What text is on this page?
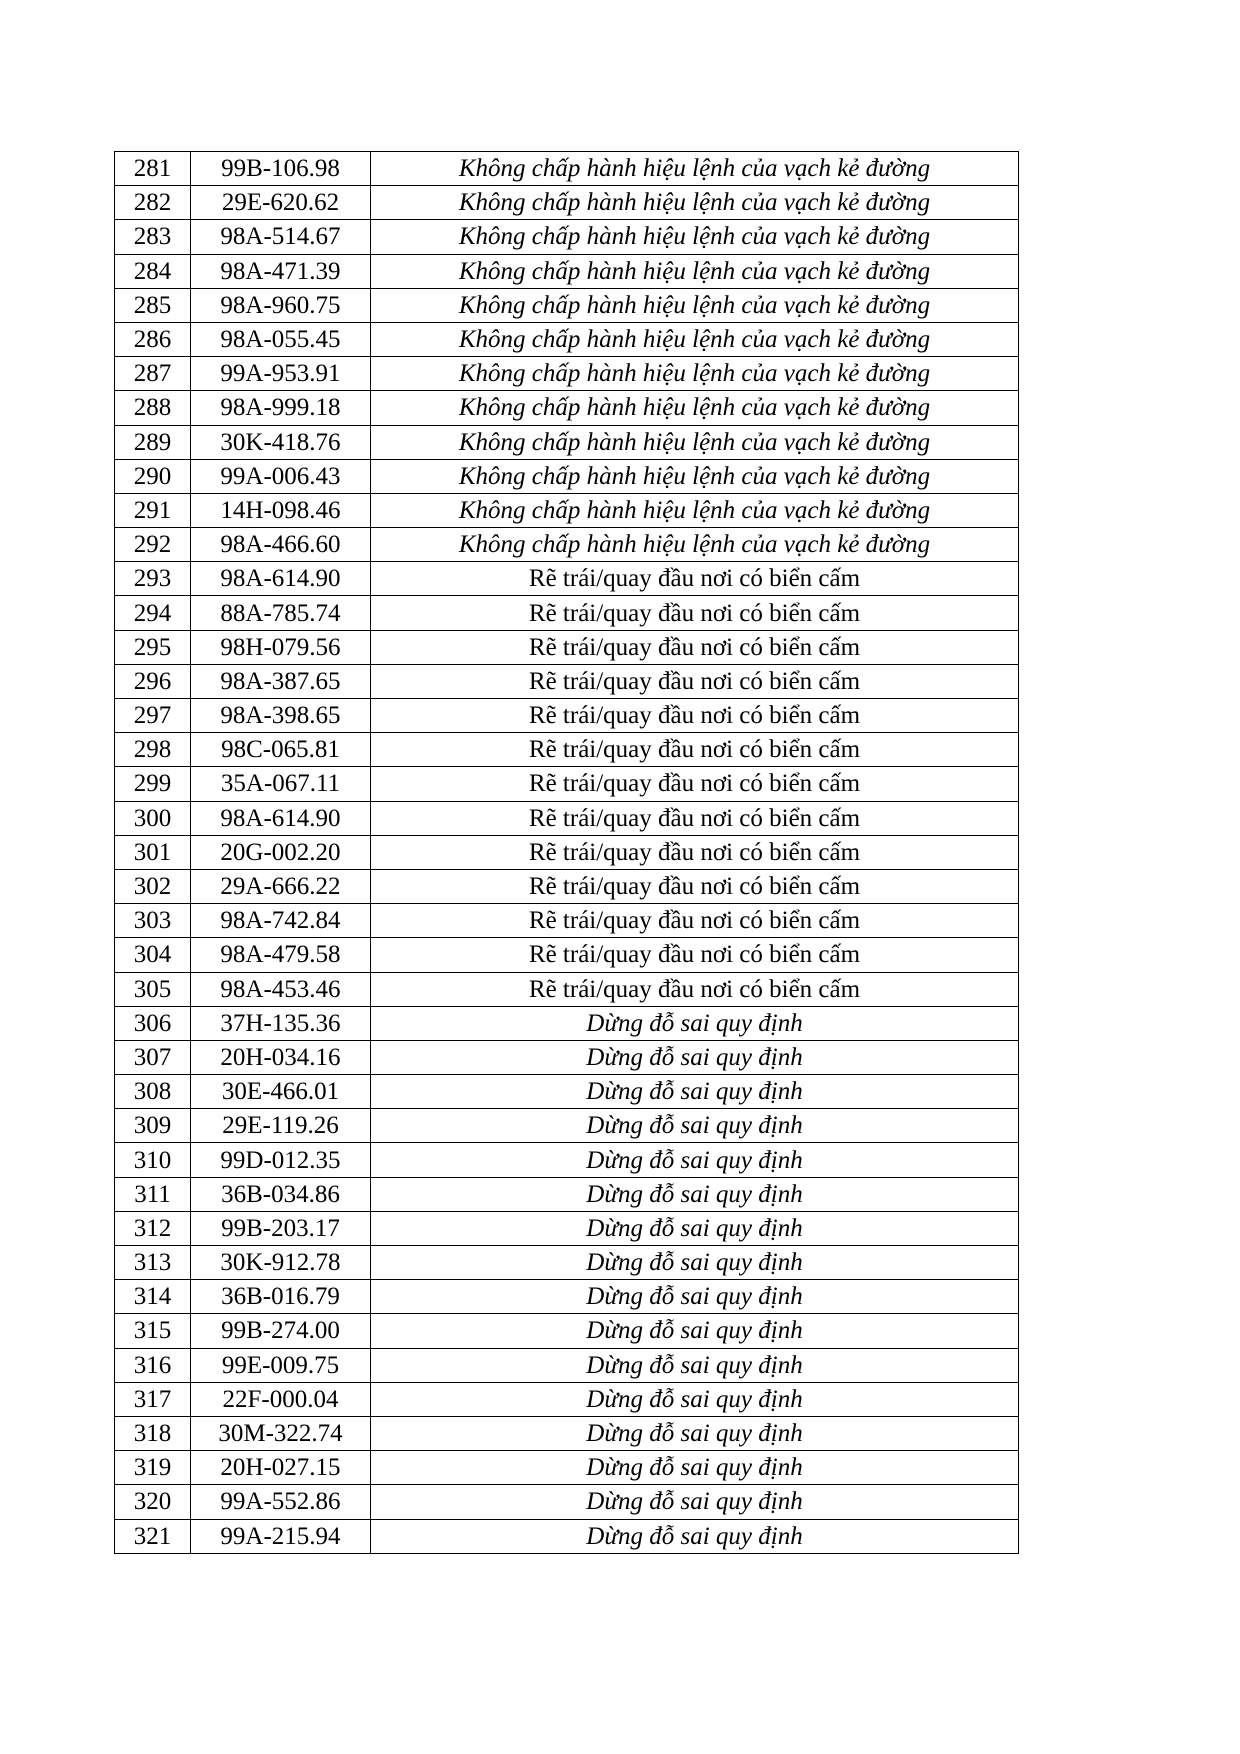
281	99B-106.98	Không chấp hành hiệu lệnh của vạch kẻ đường
282	29E-620.62	Không chấp hành hiệu lệnh của vạch kẻ đường
283	98A-514.67	Không chấp hành hiệu lệnh của vạch kẻ đường
284	98A-471.39	Không chấp hành hiệu lệnh của vạch kẻ đường
285	98A-960.75	Không chấp hành hiệu lệnh của vạch kẻ đường
286	98A-055.45	Không chấp hành hiệu lệnh của vạch kẻ đường
287	99A-953.91	Không chấp hành hiệu lệnh của vạch kẻ đường
288	98A-999.18	Không chấp hành hiệu lệnh của vạch kẻ đường
289	30K-418.76	Không chấp hành hiệu lệnh của vạch kẻ đường
290	99A-006.43	Không chấp hành hiệu lệnh của vạch kẻ đường
291	14H-098.46	Không chấp hành hiệu lệnh của vạch kẻ đường
292	98A-466.60	Không chấp hành hiệu lệnh của vạch kẻ đường
293	98A-614.90	Rẽ trái/quay đầu nơi có biển cấm
294	88A-785.74	Rẽ trái/quay đầu nơi có biển cấm
295	98H-079.56	Rẽ trái/quay đầu nơi có biển cấm
296	98A-387.65	Rẽ trái/quay đầu nơi có biển cấm
297	98A-398.65	Rẽ trái/quay đầu nơi có biển cấm
298	98C-065.81	Rẽ trái/quay đầu nơi có biển cấm
299	35A-067.11	Rẽ trái/quay đầu nơi có biển cấm
300	98A-614.90	Rẽ trái/quay đầu nơi có biển cấm
301	20G-002.20	Rẽ trái/quay đầu nơi có biển cấm
302	29A-666.22	Rẽ trái/quay đầu nơi có biển cấm
303	98A-742.84	Rẽ trái/quay đầu nơi có biển cấm
304	98A-479.58	Rẽ trái/quay đầu nơi có biển cấm
305	98A-453.46	Rẽ trái/quay đầu nơi có biển cấm
306	37H-135.36	Dừng đỗ sai quy định
307	20H-034.16	Dừng đỗ sai quy định
308	30E-466.01	Dừng đỗ sai quy định
309	29E-119.26	Dừng đỗ sai quy định
310	99D-012.35	Dừng đỗ sai quy định
311	36B-034.86	Dừng đỗ sai quy định
312	99B-203.17	Dừng đỗ sai quy định
313	30K-912.78	Dừng đỗ sai quy định
314	36B-016.79	Dừng đỗ sai quy định
315	99B-274.00	Dừng đỗ sai quy định
316	99E-009.75	Dừng đỗ sai quy định
317	22F-000.04	Dừng đỗ sai quy định
318	30M-322.74	Dừng đỗ sai quy định
319	20H-027.15	Dừng đỗ sai quy định
320	99A-552.86	Dừng đỗ sai quy định
321	99A-215.94	Dừng đỗ sai quy định
